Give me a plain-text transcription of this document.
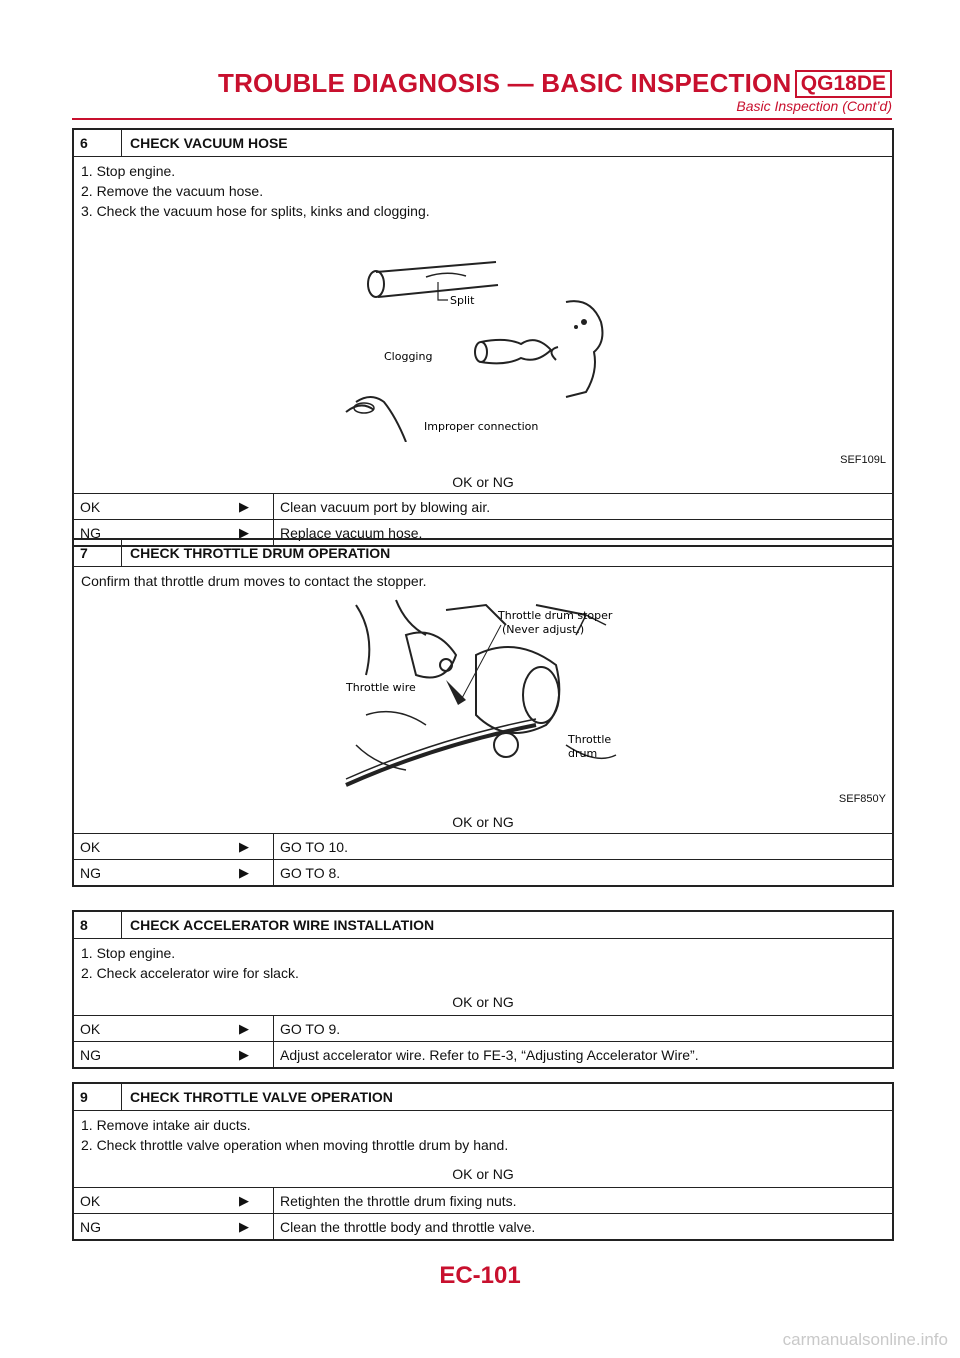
TROUBLE DIAGNOSIS — BASIC INSPECTION QG18DE
Basic Inspection (Cont’d)
6	CHECK VACUUM HOSE
1. Stop engine.
2. Remove the vacuum hose.
3. Check the vacuum hose for splits, kinks and clogging.
Split
Clogging
Improper connection
SEF109L
OK or NG
OK	▶	Clean vacuum port by blowing air.
NG	▶	Replace vacuum hose.
7	CHECK THROTTLE DRUM OPERATION
Confirm that throttle drum moves to contact the stopper.
Throttle drum stoper
(Never adjust.)
Throttle wire
Throttle
drum
SEF850Y
OK or NG
OK	▶	GO TO 10.
NG	▶	GO TO 8.
8	CHECK ACCELERATOR WIRE INSTALLATION
1. Stop engine.
2. Check accelerator wire for slack.
OK or NG
OK	▶	GO TO 9.
NG	▶	Adjust accelerator wire. Refer to FE-3, “Adjusting Accelerator Wire”.
9	CHECK THROTTLE VALVE OPERATION
1. Remove intake air ducts.
2. Check throttle valve operation when moving throttle drum by hand.
OK or NG
OK	▶	Retighten the throttle drum fixing nuts.
NG	▶	Clean the throttle body and throttle valve.
EC-101
carmanualsonline.info
